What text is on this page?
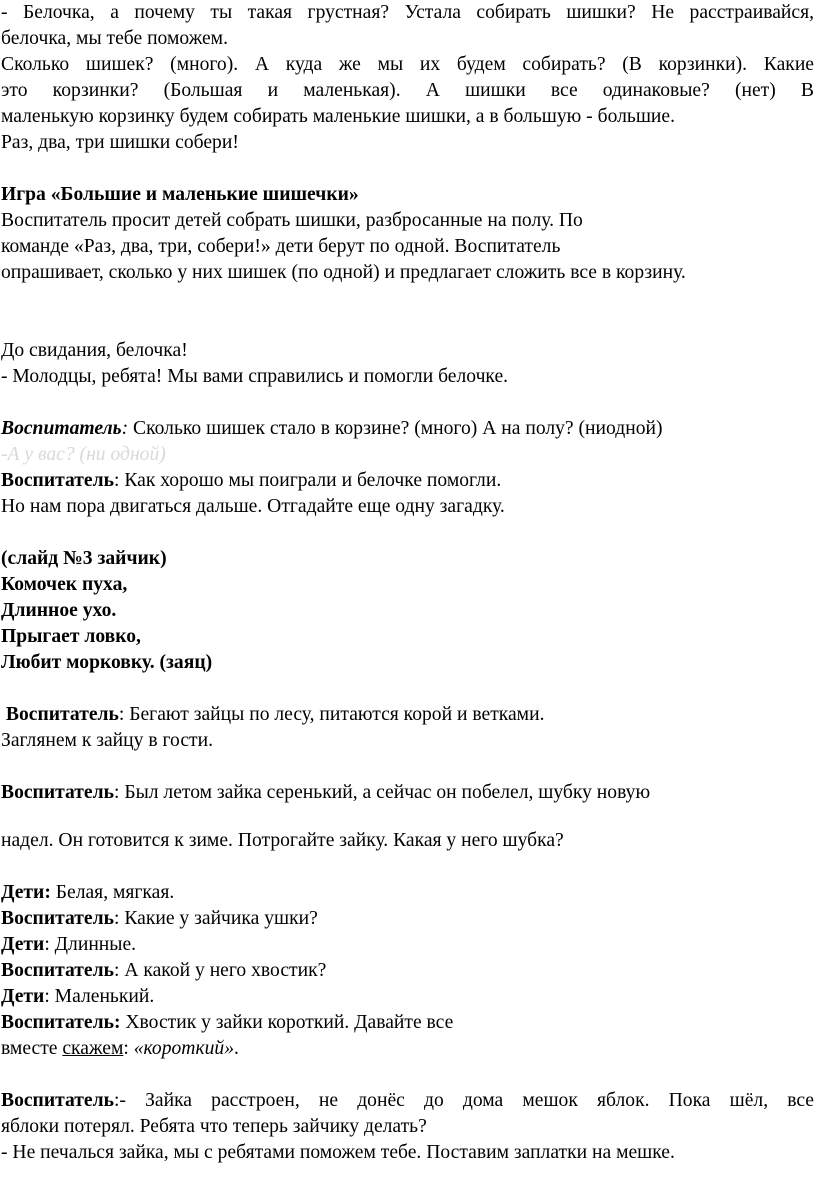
- Белочка, а почему ты такая грустная? Устала собирать шишки? Не расстраивайся,

белочка, мы тебе поможем.

Сколько шишек? (много). А куда же мы их будем собирать? (В корзинки). Какие

это корзинки? (Большая и маленькая). А шишки все одинаковые? (нет) В

маленькую корзинку будем собирать маленькие шишки, а в большую - большие.

Раз, два, три шишки собери!

Игра «Большие и маленькие шишечки»

Воспитатель просит детей собрать шишки, разбросанные на полу. По

команде «Раз, два, три, собери!» дети берут по одной. Воспитатель

опрашивает, сколько у них шишек (по одной) и предлагает сложить все в корзину.

До свидания, белочка!

- Молодцы, ребята! Мы вами справились и помогли белочке.

Воспитатель: Сколько шишек стало в корзине? (много) А на полу? (ниодной)

-А у вас? (ни одной)

Воспитатель: Как хорошо мы поиграли и белочке помогли.

Но нам пора двигаться дальше. Отгадайте еще одну загадку.

(слайд №3 зайчик)

Комочек пуха,

Длинное ухо.

Прыгает ловко,

Любит морковку. (заяц)

Воспитатель: Бегают зайцы по лесу, питаются корой и ветками.

Заглянем к зайцу в гости.

Воспитатель: Был летом зайка серенький, а сейчас он побелел, шубку новую

надел. Он готовится к зиме. Потрогайте зайку. Какая у него шубка?

Дети: Белая, мягкая.

Воспитатель: Какие у зайчика ушки?

Дети: Длинные.

Воспитатель: А какой у него хвостик?

Дети: Маленький.

Воспитатель: Хвостик у зайки короткий. Давайте все

вместе скажем: «короткий».

Воспитатель:- Зайка расстроен, не донёс до дома мешок яблок. Пока шёл, все

яблоки потерял. Ребята что теперь зайчику делать?

- Не печалься зайка, мы с ребятами поможем тебе. Поставим заплатки на мешке.
